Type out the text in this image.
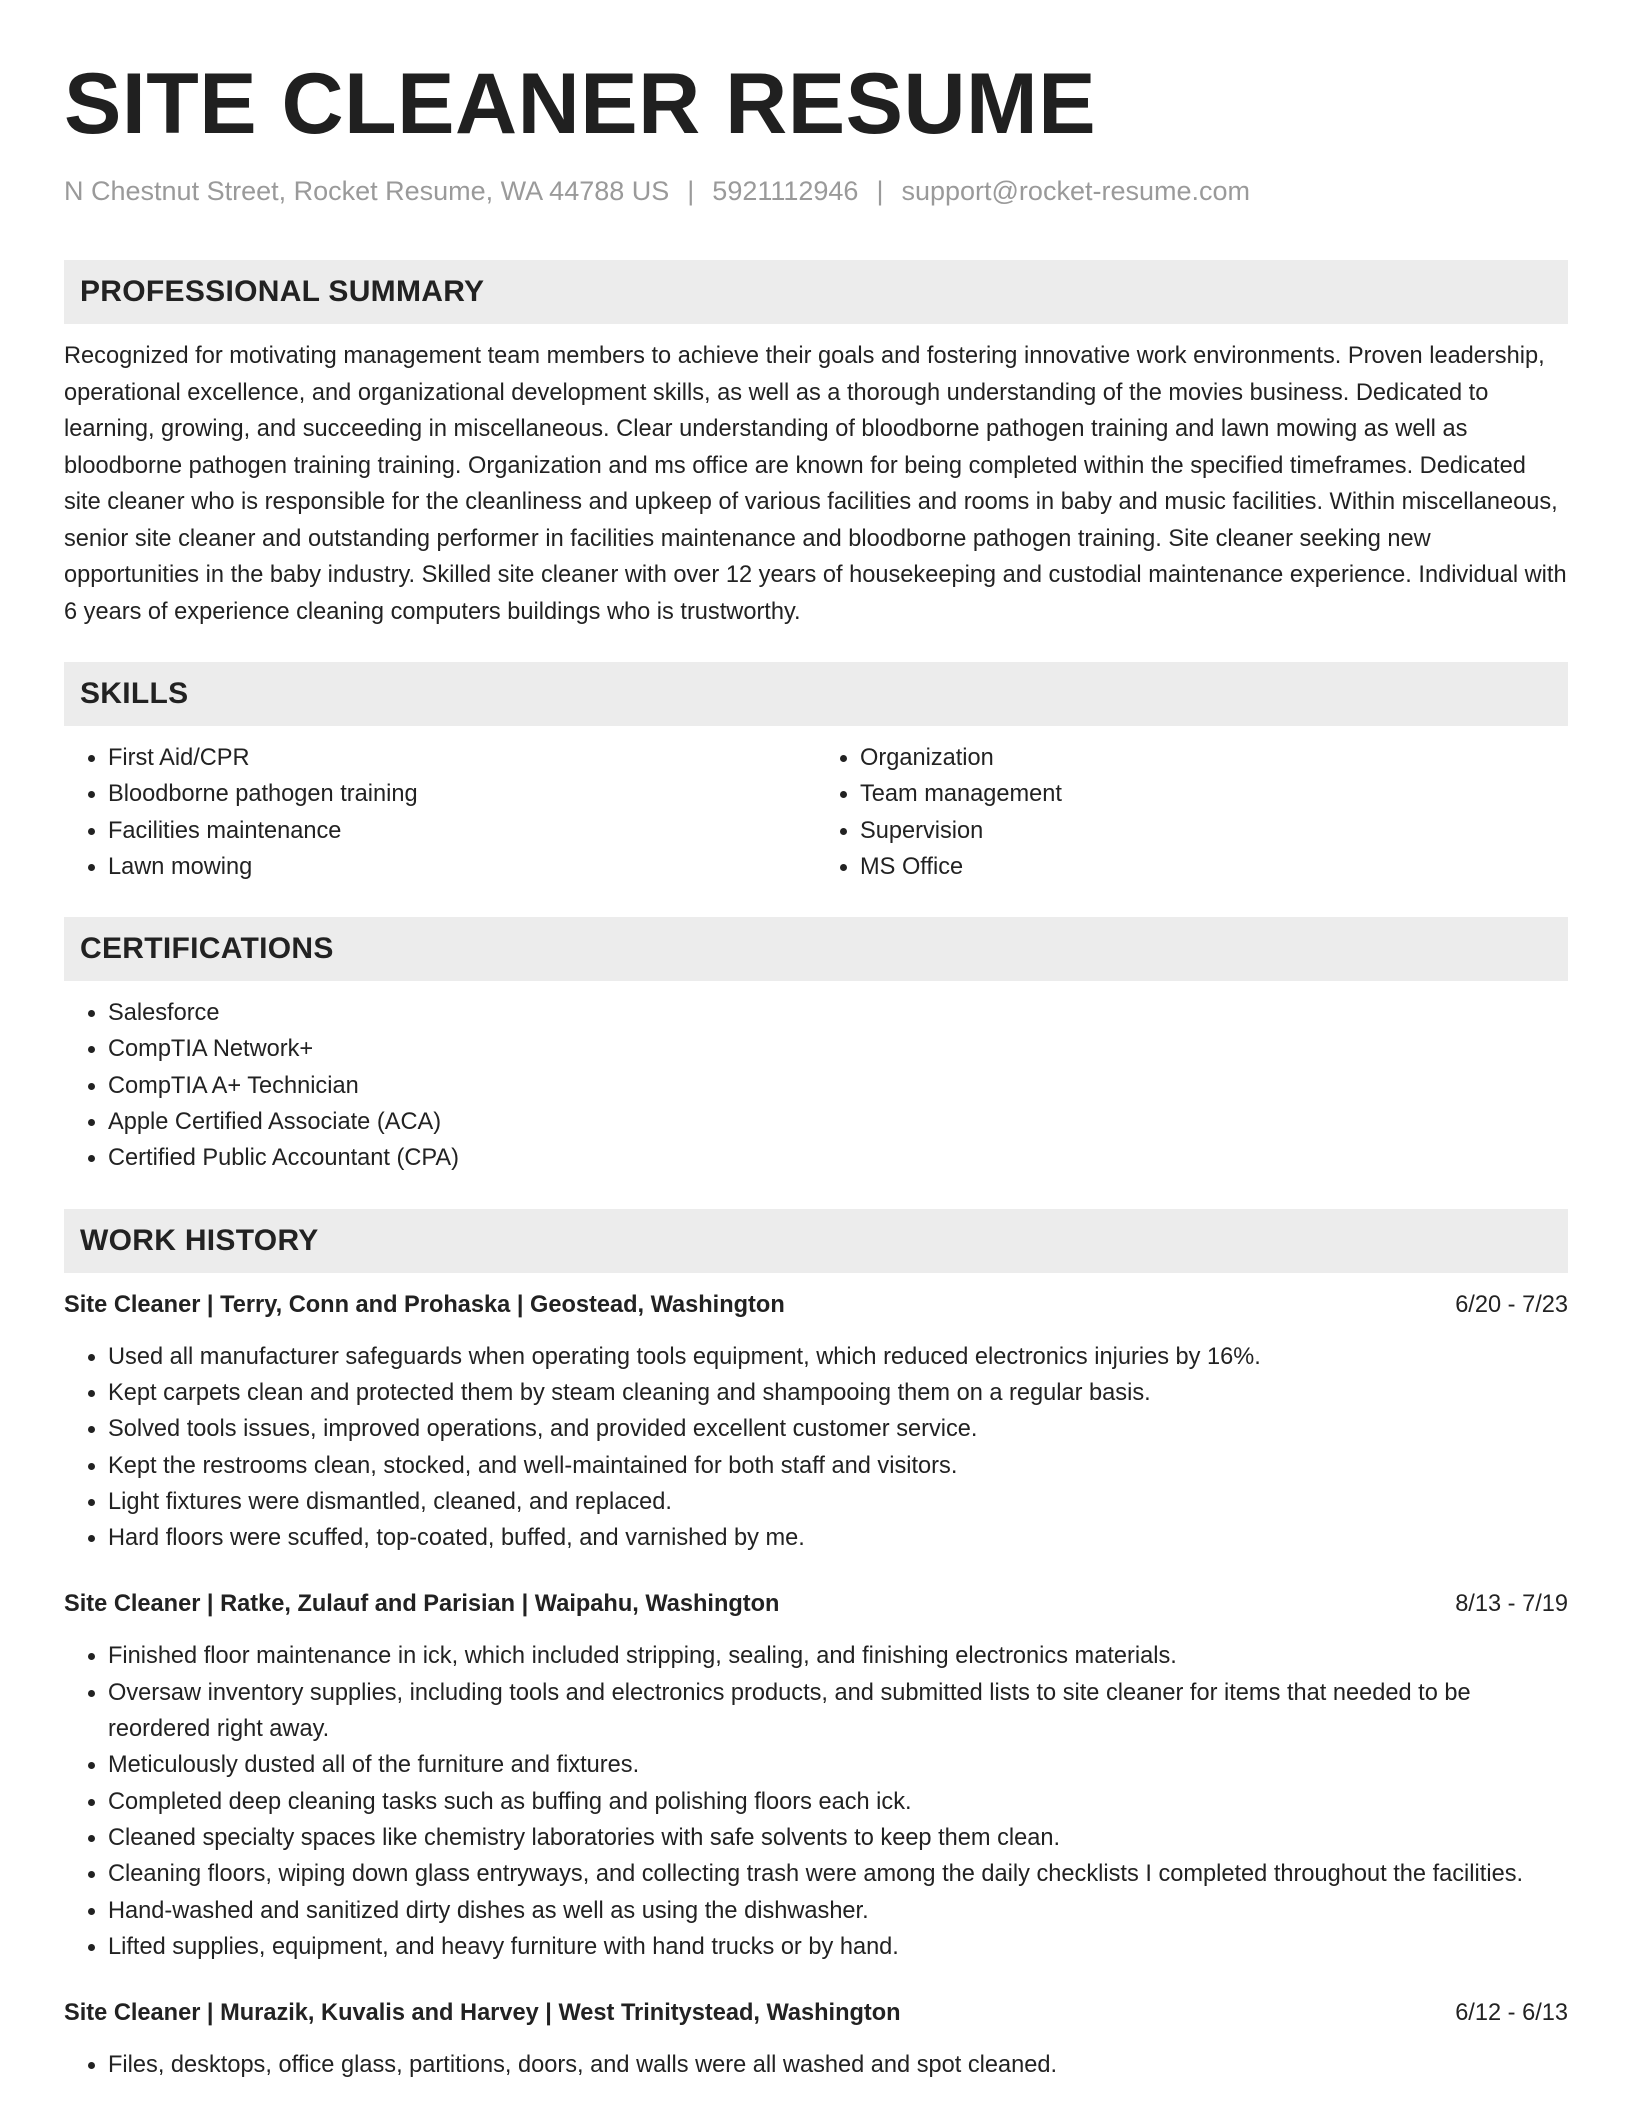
SITE CLEANER RESUME
N Chestnut Street, Rocket Resume, WA 44788 US | 5921112946 | support@rocket-resume.com
PROFESSIONAL SUMMARY

Recognized for motivating management team members to achieve their goals and fostering innovative work environments. Proven leadership, operational excellence, and organizational development skills, as well as a thorough understanding of the movies business. Dedicated to learning, growing, and succeeding in miscellaneous. Clear understanding of bloodborne pathogen training and lawn mowing as well as bloodborne pathogen training training. Organization and ms office are known for being completed within the specified timeframes. Dedicated site cleaner who is responsible for the cleanliness and upkeep of various facilities and rooms in baby and music facilities. Within miscellaneous, senior site cleaner and outstanding performer in facilities maintenance and bloodborne pathogen training. Site cleaner seeking new opportunities in the baby industry. Skilled site cleaner with over 12 years of housekeeping and custodial maintenance experience. Individual with 6 years of experience cleaning computers buildings who is trustworthy.

SKILLS
• First Aid/CPR
• Bloodborne pathogen training
• Facilities maintenance
• Lawn mowing
• Organization
• Team management
• Supervision
• MS Office
CERTIFICATIONS
• Salesforce
• CompTIA Network+
• CompTIA A+ Technician
• Apple Certified Associate (ACA)
• Certified Public Accountant (CPA)
WORK HISTORY
Site Cleaner | Terry, Conn and Prohaska | Geostead, Washington	6/20 - 7/23
• Used all manufacturer safeguards when operating tools equipment, which reduced electronics injuries by 16%.
• Kept carpets clean and protected them by steam cleaning and shampooing them on a regular basis.
• Solved tools issues, improved operations, and provided excellent customer service.
• Kept the restrooms clean, stocked, and well-maintained for both staff and visitors.
• Light fixtures were dismantled, cleaned, and replaced.
• Hard floors were scuffed, top-coated, buffed, and varnished by me.
Site Cleaner | Ratke, Zulauf and Parisian | Waipahu, Washington	8/13 - 7/19
• Finished floor maintenance in ick, which included stripping, sealing, and finishing electronics materials.
• Oversaw inventory supplies, including tools and electronics products, and submitted lists to site cleaner for items that needed to be reordered right away.
• Meticulously dusted all of the furniture and fixtures.
• Completed deep cleaning tasks such as buffing and polishing floors each ick.
• Cleaned specialty spaces like chemistry laboratories with safe solvents to keep them clean.
• Cleaning floors, wiping down glass entryways, and collecting trash were among the daily checklists I completed throughout the facilities.
• Hand-washed and sanitized dirty dishes as well as using the dishwasher.
• Lifted supplies, equipment, and heavy furniture with hand trucks or by hand.
Site Cleaner | Murazik, Kuvalis and Harvey | West Trinitystead, Washington	6/12 - 6/13
• Files, desktops, office glass, partitions, doors, and walls were all washed and spot cleaned.
